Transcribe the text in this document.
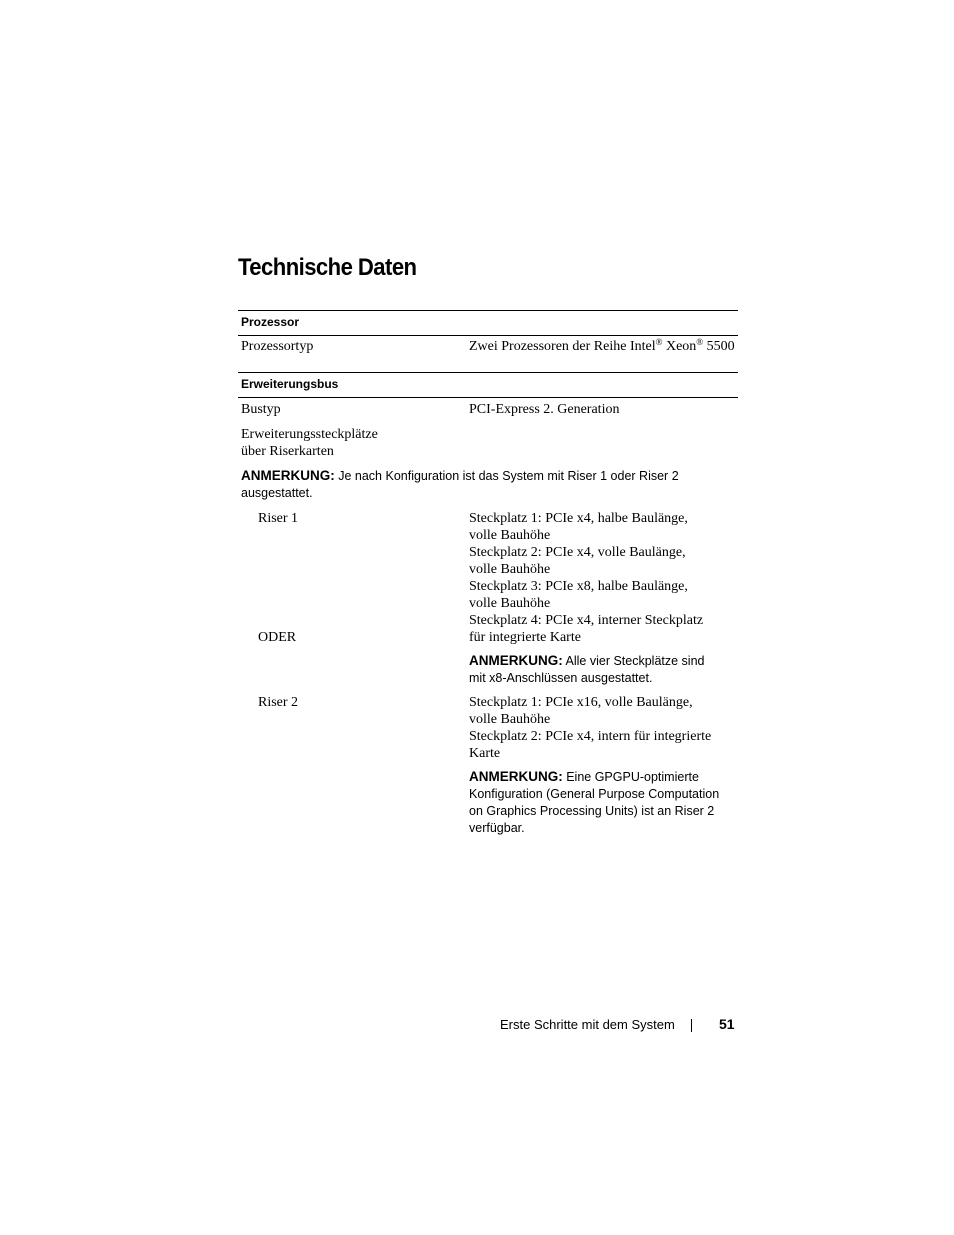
Technische Daten
Prozessor
Prozessortyp	Zwei Prozessoren der Reihe Intel® Xeon® 5500
Erweiterungsbus
Bustyp	PCI-Express 2. Generation
Erweiterungssteckplätze
über Riserkarten
ANMERKUNG: Je nach Konfiguration ist das System mit Riser 1 oder Riser 2
ausgestattet.
Riser 1	Steckplatz 1: PCIe x4, halbe Baulänge,
volle Bauhöhe
Steckplatz 2: PCIe x4, volle Baulänge,
volle Bauhöhe
Steckplatz 3: PCIe x8, halbe Baulänge,
volle Bauhöhe
Steckplatz 4: PCIe x4, interner Steckplatz
für integrierte Karte
ODER
ANMERKUNG: Alle vier Steckplätze sind
mit x8-Anschlüssen ausgestattet.
Riser 2	Steckplatz 1: PCIe x16, volle Baulänge,
volle Bauhöhe
Steckplatz 2: PCIe x4, intern für integrierte
Karte
ANMERKUNG: Eine GPGPU-optimierte
Konfiguration (General Purpose Computation
on Graphics Processing Units) ist an Riser 2
verfügbar.
Erste Schritte mit dem System	51
